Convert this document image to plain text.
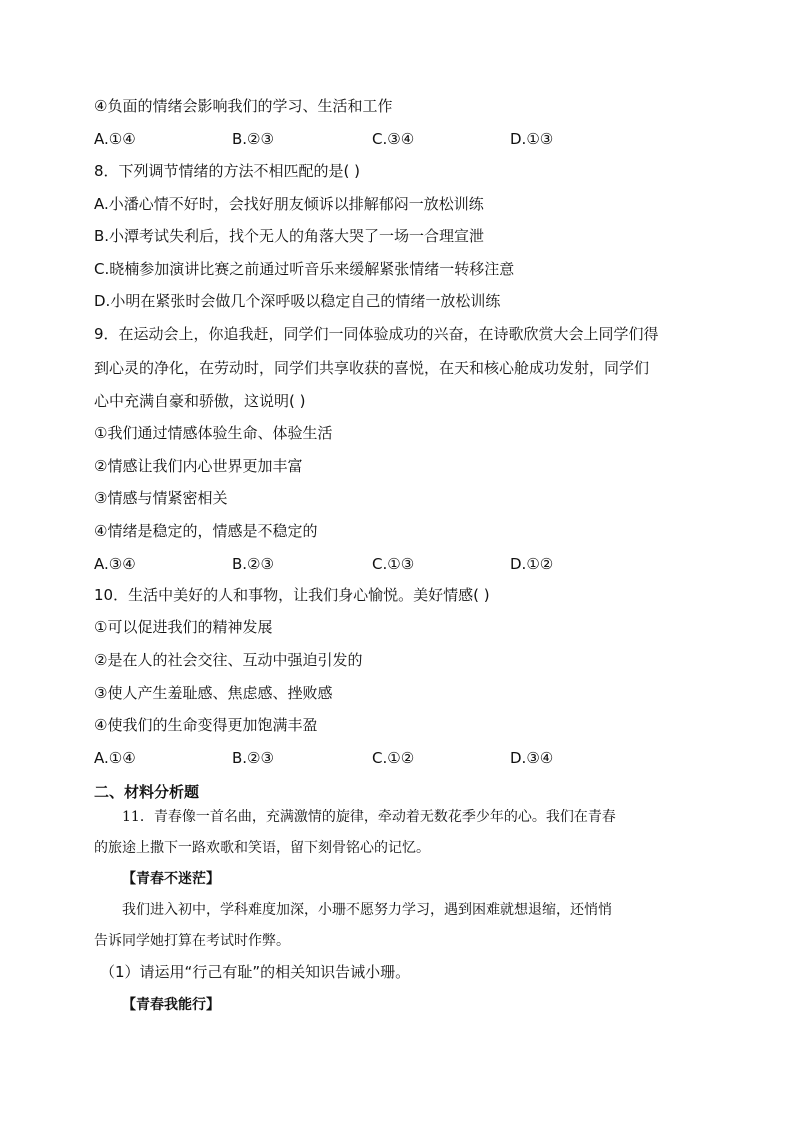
④负面的情绪会影响我们的学习、生活和工作
A.①④	B.②③	C.③④	D.①③
8．下列调节情绪的方法不相匹配的是( )
A.小潘心情不好时，会找好朋友倾诉以排解郁闷一放松训练
B.小潭考试失利后，找个无人的角落大哭了一场一合理宣泄
C.晓楠参加演讲比赛之前通过听音乐来缓解紧张情绪一转移注意
D.小明在紧张时会做几个深呼吸以稳定自己的情绪一放松训练
9．在运动会上，你追我赶，同学们一同体验成功的兴奋，在诗歌欣赏大会上同学们得
到心灵的净化，在劳动时，同学们共享收获的喜悦，在天和核心舱成功发射，同学们
心中充满自豪和骄傲，这说明( )
①我们通过情感体验生命、体验生活
②情感让我们内心世界更加丰富
③情感与情紧密相关
④情绪是稳定的，情感是不稳定的
A.③④	B.②③	C.①③	D.①②
10．生活中美好的人和事物，让我们身心愉悦。美好情感( )
①可以促进我们的精神发展
②是在人的社会交往、互动中强迫引发的
③使人产生羞耻感、焦虑感、挫败感
④使我们的生命变得更加饱满丰盈
A.①④	B.②③	C.①②	D.③④
二、材料分析题
11．青春像一首名曲，充满激情的旋律，牵动着无数花季少年的心。我们在青春
的旅途上撒下一路欢歌和笑语，留下刻骨铭心的记忆。
【青春不迷茫】
我们进入初中，学科难度加深，小珊不愿努力学习，遇到困难就想退缩，还悄悄
告诉同学她打算在考试时作弊。
（1）请运用“行己有耻”的相关知识告诫小珊。
【青春我能行】
